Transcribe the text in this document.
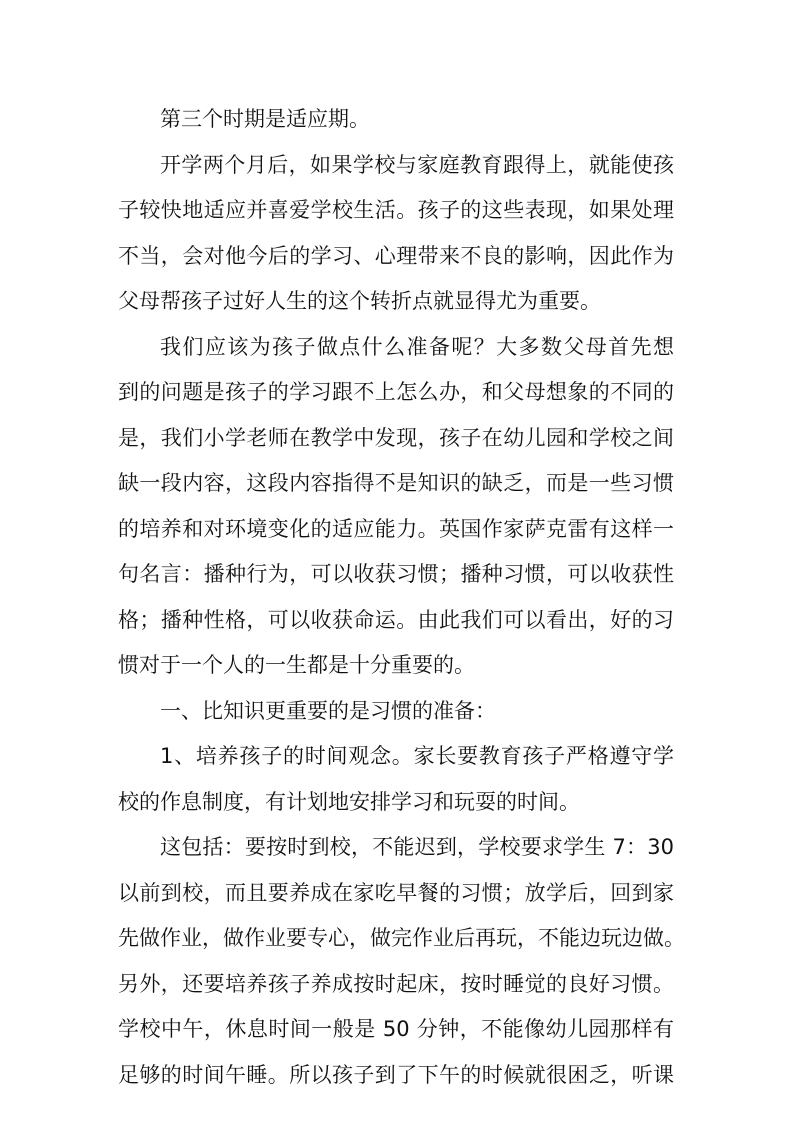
第三个时期是适应期。
开学两个月后，如果学校与家庭教育跟得上，就能使孩
子较快地适应并喜爱学校生活。孩子的这些表现，如果处理
不当，会对他今后的学习、心理带来不良的影响，因此作为
父母帮孩子过好人生的这个转折点就显得尤为重要。
我们应该为孩子做点什么准备呢？大多数父母首先想
到的问题是孩子的学习跟不上怎么办，和父母想象的不同的
是，我们小学老师在教学中发现，孩子在幼儿园和学校之间
缺一段内容，这段内容指得不是知识的缺乏，而是一些习惯
的培养和对环境变化的适应能力。英国作家萨克雷有这样一
句名言：播种行为，可以收获习惯；播种习惯，可以收获性
格；播种性格，可以收获命运。由此我们可以看出，好的习
惯对于一个人的一生都是十分重要的。
一、比知识更重要的是习惯的准备：
1、培养孩子的时间观念。家长要教育孩子严格遵守学
校的作息制度，有计划地安排学习和玩耍的时间。
这包括：要按时到校，不能迟到，学校要求学生 7：30
以前到校，而且要养成在家吃早餐的习惯；放学后，回到家
先做作业，做作业要专心，做完作业后再玩，不能边玩边做。
另外，还要培养孩子养成按时起床，按时睡觉的良好习惯。
学校中午，休息时间一般是 50 分钟，不能像幼儿园那样有
足够的时间午睡。所以孩子到了下午的时候就很困乏，听课
